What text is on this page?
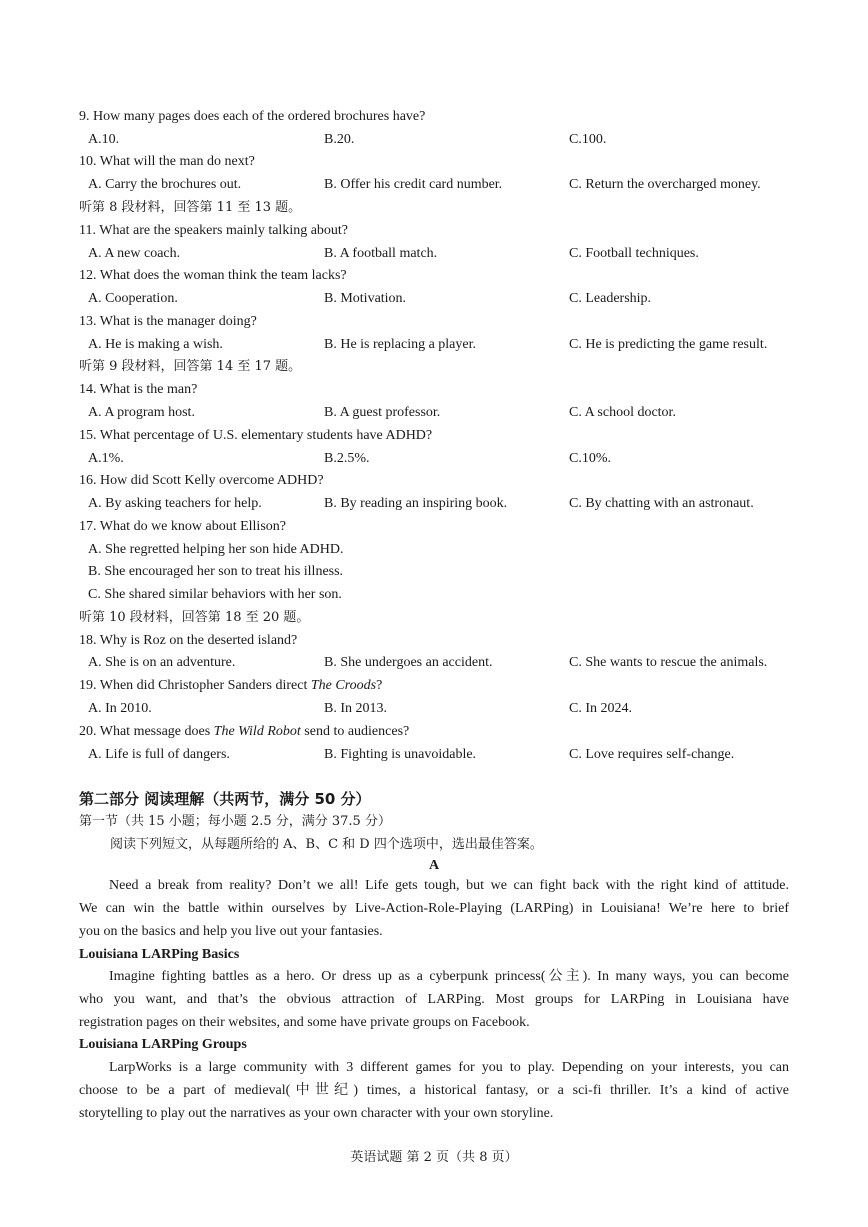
9. How many pages does each of the ordered brochures have?
A.10.	B.20.	C.100.
10. What will the man do next?
A. Carry the brochures out.	B. Offer his credit card number.	C. Return the overcharged money.
听第 8 段材料，回答第 11 至 13 题。
11. What are the speakers mainly talking about?
A. A new coach.	B. A football match.	C. Football techniques.
12. What does the woman think the team lacks?
A. Cooperation.	B. Motivation.	C. Leadership.
13. What is the manager doing?
A. He is making a wish.	B. He is replacing a player.	C. He is predicting the game result.
听第 9 段材料，回答第 14 至 17 题。
14. What is the man?
A. A program host.	B. A guest professor.	C. A school doctor.
15. What percentage of U.S. elementary students have ADHD?
A.1%.	B.2.5%.	C.10%.
16. How did Scott Kelly overcome ADHD?
A. By asking teachers for help.	B. By reading an inspiring book.	C. By chatting with an astronaut.
17. What do we know about Ellison?
A. She regretted helping her son hide ADHD.
B. She encouraged her son to treat his illness.
C. She shared similar behaviors with her son.
听第 10 段材料，回答第 18 至 20 题。
18. Why is Roz on the deserted island?
A. She is on an adventure.	B. She undergoes an accident.	C. She wants to rescue the animals.
19. When did Christopher Sanders direct The Croods?
A. In 2010.	B. In 2013.	C. In 2024.
20. What message does The Wild Robot send to audiences?
A. Life is full of dangers.	B. Fighting is unavoidable.	C. Love requires self-change.
第二部分 阅读理解（共两节，满分 50 分）
第一节（共 15 小题；每小题 2.5 分，满分 37.5 分）
阅读下列短文，从每题所给的 A、B、C 和 D 四个选项中，选出最佳答案。
A
Need a break from reality? Don’t we all! Life gets tough, but we can fight back with the right kind of attitude.
We can win the battle within ourselves by Live-Action-Role-Playing (LARPing) in Louisiana! We’re here to brief
you on the basics and help you live out your fantasies.
Louisiana LARPing Basics
Imagine fighting battles as a hero. Or dress up as a cyberpunk princess(公主). In many ways, you can become
who you want, and that’s the obvious attraction of LARPing. Most groups for LARPing in Louisiana have
registration pages on their websites, and some have private groups on Facebook.
Louisiana LARPing Groups
LarpWorks is a large community with 3 different games for you to play. Depending on your interests, you can
choose to be a part of medieval(中世纪) times, a historical fantasy, or a sci-fi thriller. It’s a kind of active
storytelling to play out the narratives as your own character with your own storyline.
英语试题 第 2 页（共 8 页）
